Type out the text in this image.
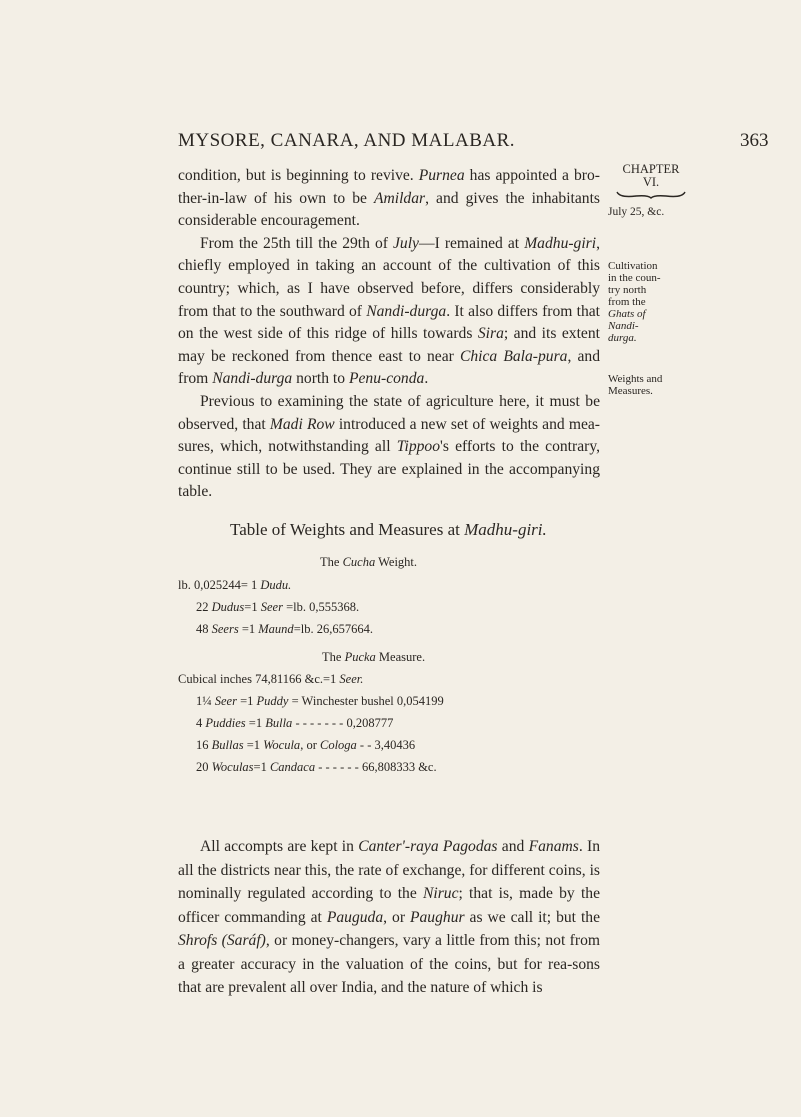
MYSORE, CANARA, AND MALABAR.	363
CHAPTER
VI.
July 25, &c.
Cultivation
in the coun-
try north
from the
Ghats of
Nandi-
durga.
Weights and
Measures.

condition, but is beginning to revive. Purnea has appointed a bro-ther-in-law of his own to be Amildar, and gives the inhabitants considerable encouragement.

From the 25th till the 29th of July—I remained at Madhu-giri, chiefly employed in taking an account of the cultivation of this country; which, as I have observed before, differs considerably from that to the southward of Nandi-durga. It also differs from that on the west side of this ridge of hills towards Sira; and its extent may be reckoned from thence east to near Chica Bala-pura, and from Nandi-durga north to Penu-conda.

Previous to examining the state of agriculture here, it must be observed, that Madi Row introduced a new set of weights and mea-sures, which, notwithstanding all Tippoo's efforts to the contrary, continue still to be used. They are explained in the accompanying table.

Table of Weights and Measures at Madhu-giri.
The Cucha Weight.
lb. 0,025244= 1 Dudu.
22 Dudus=1 Seer =lb. 0,555368.
48 Seers =1 Maund=lb. 26,657664.
The Pucka Measure.
Cubical inches 74,81166 &c.=1 Seer.
1¼ Seer =1 Puddy = Winchester bushel 0,054199
4 Puddies =1 Bulla - - - - - - - 0,208777
16 Bullas =1 Wocula, or Cologa - - 3,40436
20 Woculas=1 Candaca - - - - - - 66,808333 &c.

All accompts are kept in Canter'-raya Pagodas and Fanams. In all the districts near this, the rate of exchange, for different coins, is nominally regulated according to the Niruc; that is, made by the officer commanding at Pauguda, or Paughur as we call it; but the Shrofs (Saráf), or money-changers, vary a little from this; not from a greater accuracy in the valuation of the coins, but for rea-sons that are prevalent all over India, and the nature of which is
